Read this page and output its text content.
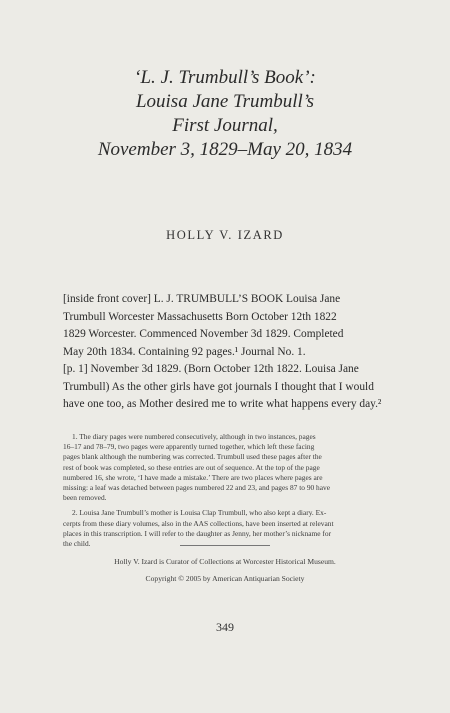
‘L. J. Trumbull’s Book’:
Louisa Jane Trumbull’s
First Journal,
November 3, 1829–May 20, 1834
HOLLY V. IZARD
[inside front cover] L. J. TRUMBULL’S BOOK Louisa Jane
Trumbull Worcester Massachusetts Born October 12th 1822
1829 Worcester. Commenced November 3d 1829. Completed
May 20th 1834. Containing 92 pages.¹ Journal No. 1.
[p. 1] November 3d 1829. (Born October 12th 1822. Louisa Jane
Trumbull) As the other girls have got journals I thought that I would
have one too, as Mother desired me to write what happens every day.²
1. The diary pages were numbered consecutively, although in two instances, pages
16–17 and 78–79, two pages were apparently turned together, which left these facing
pages blank although the numbering was corrected. Trumbull used these pages after the
rest of book was completed, so these entries are out of sequence. At the top of the page
numbered 16, she wrote, ‘I have made a mistake.’ There are two places where pages are
missing: a leaf was detached between pages numbered 22 and 23, and pages 87 to 90 have
been removed.
2. Louisa Jane Trumbull’s mother is Louisa Clap Trumbull, who also kept a diary. Ex-
cerpts from these diary volumes, also in the AAS collections, have been inserted at relevant
places in this transcription. I will refer to the daughter as Jenny, her mother’s nickname for
the child.
Holly V. Izard is Curator of Collections at Worcester Historical Museum.
Copyright © 2005 by American Antiquarian Society
349
